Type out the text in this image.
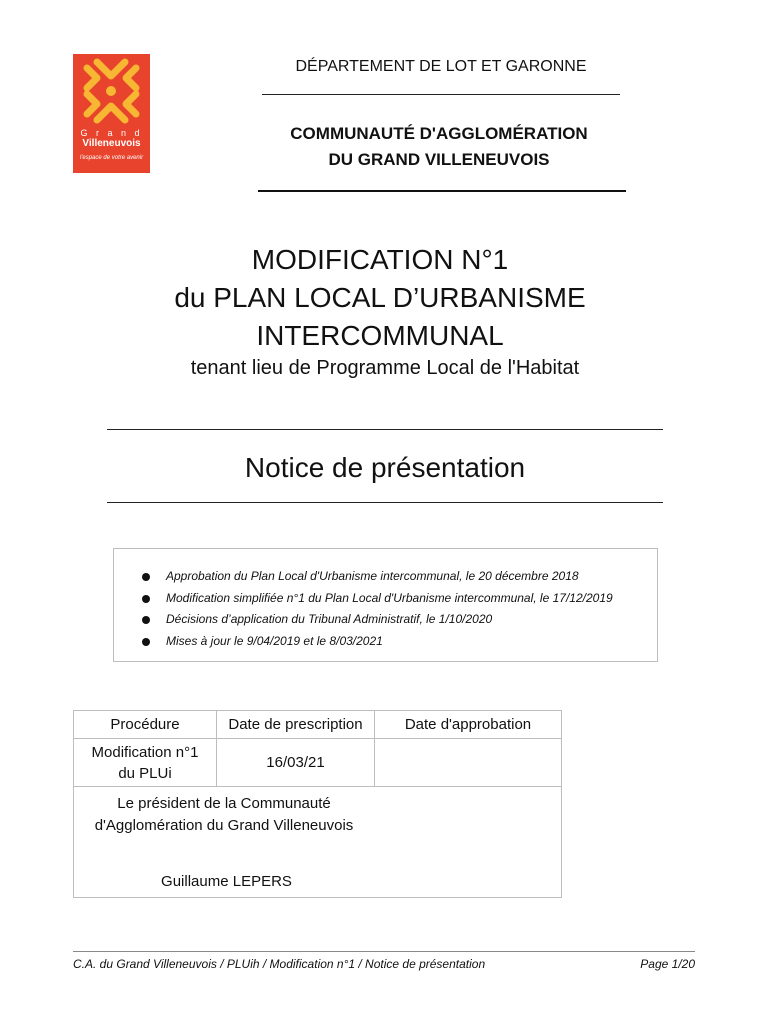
G r a n d
Villeneuvois
l'espace de votre avenir
DÉPARTEMENT DE LOT ET GARONNE
COMMUNAUTÉ D'AGGLOMÉRATION
DU GRAND VILLENEUVOIS
MODIFICATION N°1
du PLAN LOCAL D’URBANISME
INTERCOMMUNAL
tenant lieu de Programme Local de l'Habitat
Notice de présentation
Approbation du Plan Local d'Urbanisme intercommunal, le 20 décembre 2018
Modification simplifiée n°1 du Plan Local d'Urbanisme intercommunal, le 17/12/2019
Décisions d’application du Tribunal Administratif, le 1/10/2020
Mises à jour le 9/04/2019 et le 8/03/2021
Procédure	Date de prescription	Date d'approbation

Modification n°1
du PLUi	16/03/21	

Le président de la Communauté
d'Agglomération du Grand Villeneuvois
Guillaume LEPERS		
C.A. du Grand Villeneuvois / PLUih / Modification n°1 / Notice de présentation	Page 1/20
